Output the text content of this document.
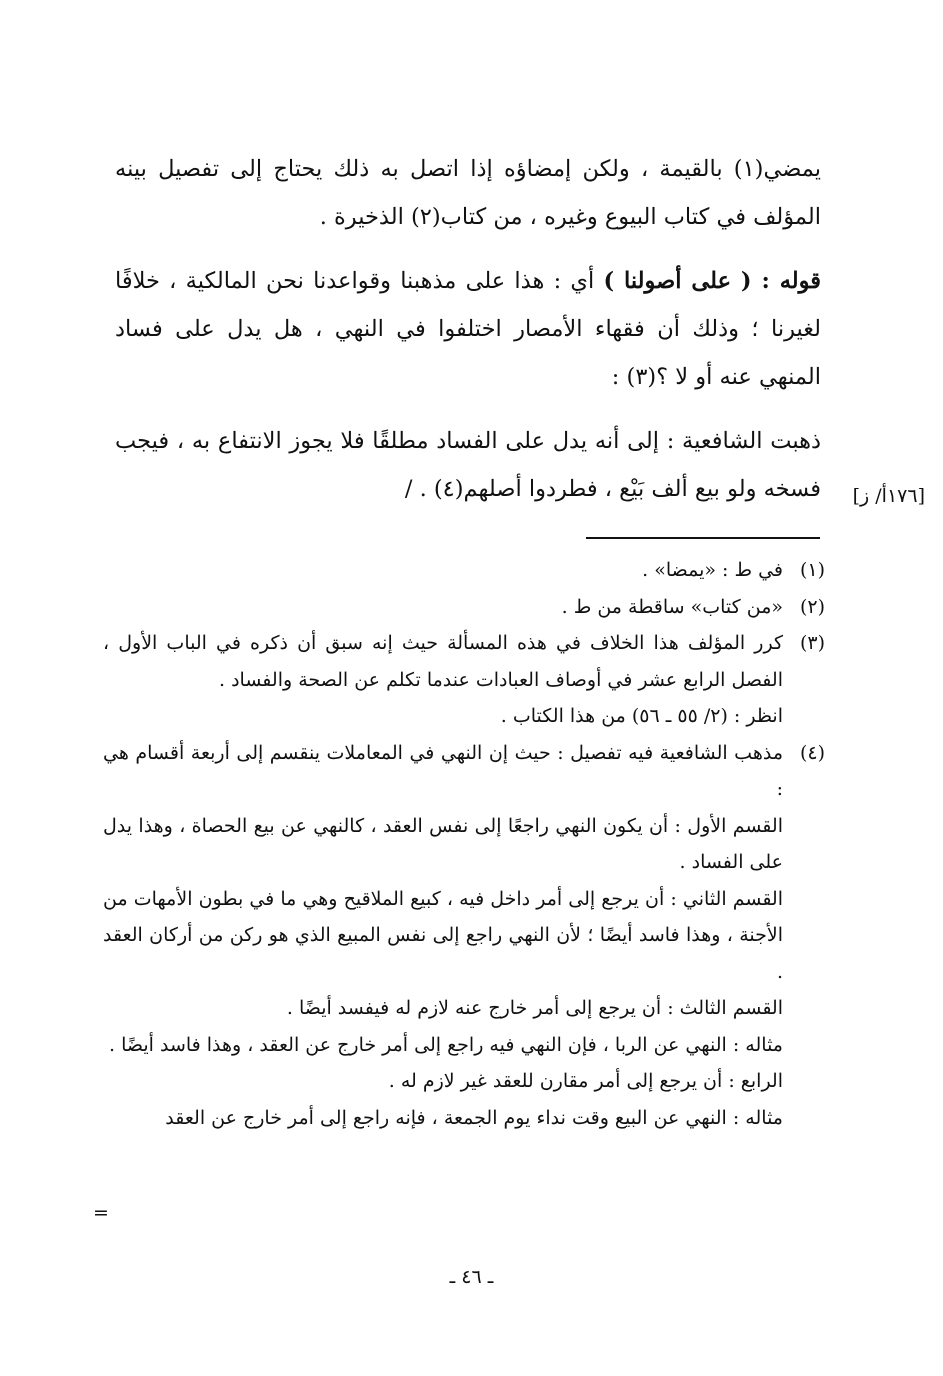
يمضي(١) بالقيمة ، ولكن إمضاؤه إذا اتصل به ذلك يحتاج إلى تفصيل بينه المؤلف في كتاب البيوع وغيره ، من كتاب(٢) الذخيرة .

قوله : ( على أصولنا ) أي : هذا على مذهبنا وقواعدنا نحن المالكية ، خلافًا لغيرنا ؛ وذلك أن فقهاء الأمصار اختلفوا في النهي ، هل يدل على فساد المنهي عنه أو لا ؟(٣) :

ذهبت الشافعية : إلى أنه يدل على الفساد مطلقًا فلا يجوز الانتفاع به ، فيجب فسخه ولو بيع ألف بَيْع ، فطردوا أصلهم(٤) . /	[١٧٦أ/ ز]
(١)

في ط : «يمضا» .

(٢)

«من كتاب» ساقطة من ط .

(٣)

كرر المؤلف هذا الخلاف في هذه المسألة حيث إنه سبق أن ذكره في الباب الأول ، الفصل الرابع عشر في أوصاف العبادات عندما تكلم عن الصحة والفساد .

انظر : (٢/ ٥٥ ـ ٥٦) من هذا الكتاب .

(٤)

مذهب الشافعية فيه تفصيل : حيث إن النهي في المعاملات ينقسم إلى أربعة أقسام هي :

القسم الأول : أن يكون النهي راجعًا إلى نفس العقد ، كالنهي عن بيع الحصاة ، وهذا يدل على الفساد .

القسم الثاني : أن يرجع إلى أمر داخل فيه ، كبيع الملاقيح وهي ما في بطون الأمهات من الأجنة ، وهذا فاسد أيضًا ؛ لأن النهي راجع إلى نفس المبيع الذي هو ركن من أركان العقد .

القسم الثالث : أن يرجع إلى أمر خارج عنه لازم له فيفسد أيضًا .

مثاله : النهي عن الربا ، فإن النهي فيه راجع إلى أمر خارج عن العقد ، وهذا فاسد أيضًا .

الرابع : أن يرجع إلى أمر مقارن للعقد غير لازم له .

مثاله : النهي عن البيع وقت نداء يوم الجمعة ، فإنه راجع إلى أمر خارج عن العقد

=
ـ ٤٦ ـ
